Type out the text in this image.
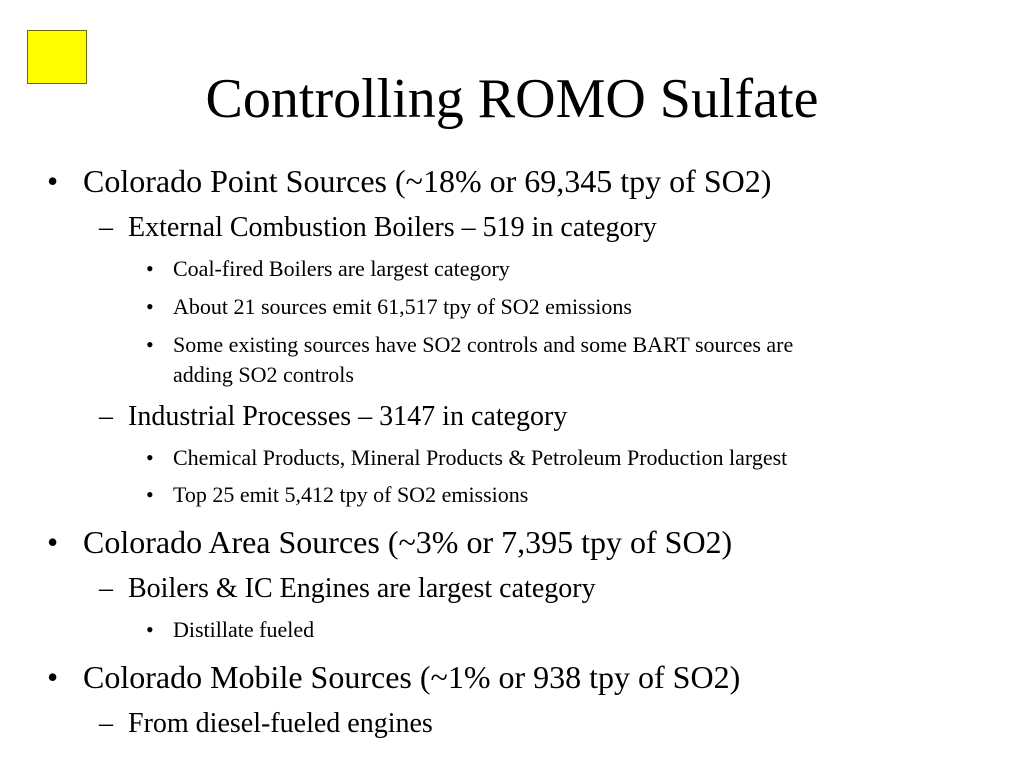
Controlling ROMO Sulfate
• Colorado Point Sources (~18% or 69,345 tpy of SO2)
– External Combustion Boilers – 519 in category
• Coal-fired Boilers are largest category
• About 21 sources emit 61,517 tpy of SO2 emissions
• Some existing sources have SO2 controls and some BART sources are
adding SO2 controls
– Industrial Processes – 3147 in category
• Chemical Products, Mineral Products & Petroleum Production largest
• Top 25 emit 5,412 tpy of SO2 emissions
• Colorado Area Sources (~3% or 7,395 tpy of SO2)
– Boilers & IC Engines are largest category
• Distillate fueled
• Colorado Mobile Sources (~1% or 938 tpy of SO2)
– From diesel-fueled engines
